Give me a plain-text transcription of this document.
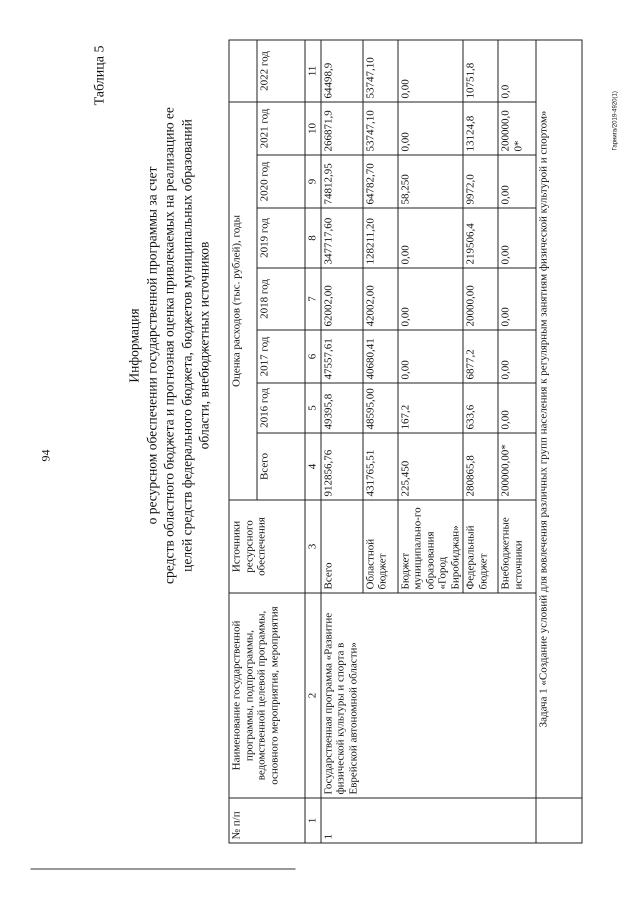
94
Таблица 5
Информация о ресурсном обеспечении государственной программы за счет средств областного бюджета и прогнозная оценка привлекаемых на реализацию ее целей средств федерального бюджета, бюджетов муниципальных образований области, внебюджетных источников
№ п/п	Наименование государственной программы, подпрограммы, ведомственной целевой программы, основного мероприятия, мероприятия	Источники ресурсного обеспечения	Оценка расходов (тыс. рублей), годы							
			Всего	2016 год	2017 год	2018 год	2019 год	2020 год	2021 год	2022 год
1	2	3	4	5	6	7	8	9	10	11
1	Государственная программа «Развитие физической культуры и спорта в Еврейской автономной области»	Всего	912856,76	49395,8	47557,61	62002,00	347717,60	74812,95	266871,9	64498,9
		Областной бюджет	431765,51	48595,00	40680,41	42002,00	128211,20	64782,70	53747,10	53747,10
		Бюджет муниципально-го образования «Город Биробиджан»	225,450	167,2	0,00	0,00	0,00	58,250	0,00	0,00
		Федеральный бюджет	280865,8	633,6	6877,2	20000,00	219506,4	9972,0	13124,8	10751,8
		Внебюджетные источники	200000,00*	0,00	0,00	0,00	0,00	0,00	200000,00*	0,0
	Задача 1 «Создание условий для вовлечения различных групп населения к регулярным занятиям физической культурой и спортом»										Гарнига/2019-4920(1)
